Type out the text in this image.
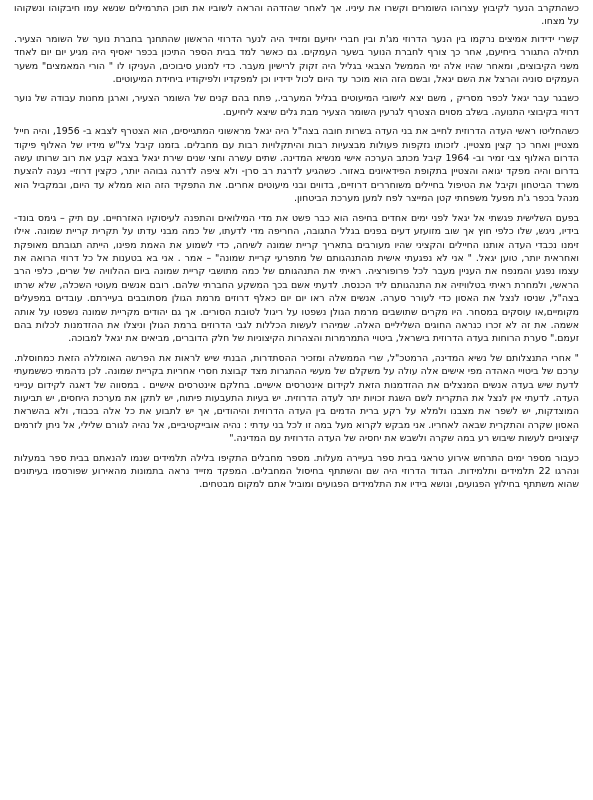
כשהתקרב הנער לקיבוץ עצרוהו השומרים וקשרו את עיניו. אך לאחר שהזדהה והראה לשוביו את תוכן התרמילים שנשא עמו חיבקוהו ונשקוהו על מצחו.

קשרי ידידות אמיצים נרקמו בין הנער הדרוזי מג'ת ובין חברי יחיעם ומזייד היה לנער הדרוזי הראשון שהתחנך בחברת נוער של השומר הצעיר. תחילה התגורר ביחיעם, אחר כך צורף לחברת הנוער בשער העמקים. גם כאשר למד בבית הספר התיכון בכפר יאסיף היה מגיע יום יום לאחד משני הקיבוצים, ומאחר שהיו אלה ימי הממשל הצבאי בגליל היה זקוק לרישיון מעבר. כדי למנוע סיבוכים, העניקו לו " הורי המאמצים" משער העמקים סוניה והרצל את השם יגאל, ובשם הזה הוא מוכר עד היום לכול ידידיו וכן למפקדיו ולפיקודיו ביחידת המיעוטים.

כשבגר עבר יגאל לכפר מסריק , משם יצא לישובי המיעוטים בגליל המערבי., פתח בהם קנים של השומר הצעיר, וארגן מחנות עבודה של נוער דרוזי בקיבוצי התנועה. בשלב מסוים הצטרף לגרעין השומר הצעיר מבת גלים שיצא ליחיעם.

כשהחליטו ראשי העדה הדרוזית לחייב את בני העדה בשרות חובה בצה"ל היה יגאל מראשוני המתגייסים, הוא הצטרף לצבא ב- 1956, והיה חייל מצטיין ואחר כך קצין מצטיין. לזכותו נזקפות פעולות מבצעיות רבות והיתקלויות רבות עם מחבלים. בזמנו קיבל צל"ש מידיו של האלוף פיקוד הדרום האלוף צבי זמיר וב- 1964 קיבל מכתב הערכה אישי מנשיא המדינה. שתים עשרה וחצי שנים שירת יגאל בצבא קבע את רוב שרותו עשה בדרום והיה מפקד יגואה והצטיין בתקופת הפידאיונים באזור. כשהגיע לדרגת רב סרן- ולא ציפה לדרגה גבוהה יותר, כקצין דרוזי- נענה להצעת משרד הביטחון וקיבל את הטיפול בחיילים משוחררים דרוזיים, בדווים ובני מיעוטים אחרים. את התפקיד הזה הוא ממלא עד היום, ובמקביל הוא מנהל בכפר ג'ת מפעל משפחתי קטן המייצר לפח למען מערכת הביטחון.

בפעם השלישית פגשתי אל יגאל לפני ימים אחדים בחיפה הוא כבר פשט את מדי המילואים והתפנה לעיסוקיו האזרחיים. עם תיק – גימס בונד- בידיו, ניגש, שלו כלפי חוץ אך שוב מזועזע דעים בפנים בגלל התגובה, החריפה מדי לדעתו, של כמה מבני עדתו על תקרית קריית שמונה. אילו זימנו נכבדי העדה אותנו החיילים והקציני שהיו מעורבים בתאריך קריית שמונה לשיחה, כדי לשמוע את האמת מפינו, הייתה תגובתם מאופקת ואחראית יותר, טוען יגאל. " אני לא נפגעתי אישית מהתנהגותם של מתפרעי קריית שמונה" – אמר . אני בא בטענות אל כל דרוזי הרואה את עצמו נפגע והמנפח את העניין מעבר לכל פרופורציה. ראיתי את התנהגותם של כמה מתושבי קריית שמונה ביום ההלוויה של שרים, כלפי הרב הראשי, ולמחרת ראיתי בטלוויזיה את התנהגותם ליד הכנסת. לדעתי אשם בכך המשקע החברתי שלהם. רובם אנשים מעוטי השכלה, שלא שרתו בצה"ל, שניסו לנצל את האסון כדי לעורר סערה. אנשים אלה ראו יום יום כאלף דרוזים מרמת הגולן מסתובבים בעיירתם. עובדים במפעלים מקומיים,או עוסקים במסחר. היו מקרים שתושבים מרמת הגולן נשפטו על ריגול לטובת הסורים. אך גם יהודים מקריית שמונה נשפטו על אותה אשמה. את זה לא זכרו כנראה החוגים השליליים האלה. שמיהרו לעשות הכללות לגבי הדרוזים ברמת הגולן וניצלו את ההזדמנות לכלות בהם זעמם." סערת הרוחות בעדה הדרוזית בישראל, ביטויי התמרמרות והצהרות הקיצוניות של חלק הדוברים, מביאים את יגאל למבוכה.

" אחרי התנצלותם של נשיא המדינה, הרמטכ"ל, שרי הממשלה ומזכיר ההסתדרות, הבנתי שיש לראות את הפרשה האומללה הזאת כמחוסלת. ערכם של ביטויי האהדה מפי אישים אלה עולה על משקלם של מעשי ההתגרות מצד קבוצת חסרי אחריות בקריית שמונה. לכן נדהמתי כששמעתי לדעת שיש בעדה אנשים המנצלים את ההזדמנות הזאת לקידום אינטרסים אישיים. בחלקם אינטרסים אישיים . במסווה של דאגה לקידום ענייני העדה. לדעתי אין לנצל את התקרית לשם השגת זכויות יתר לעדה הדרוזית. יש בעיות התעבעות פיתוח, יש לתקן את מערכת היחסים, יש תביעות המוצדקות, יש לשפר את מצבנו ולמלא על רקע ברית הדמים בין העדה הדרוזית והיהודים, אך יש לתבוע את כל אלה בכבוד, ולא בהשראת האסון שקרה והתקרית שבאה לאחריו. אני מבקש לקרוא מעל במה זו לכל בני עדתי : נהיה אובייקטיביים, אל נהיה לגורם שלילי, אל ניתן לזרמים קיצוניים לעשות שיבוש רע במה שקרה ולשבש את יחסיה של העדה הדרוזית עם המדינה."

כעבור מספר ימים התרחש אירוע טראגי בבית ספר בעיירה מעלות. מספר מחבלים התקיפו בלילה תלמידים שנמו להנאתם בבית ספר במעלות ונהרגו 22 תלמידים ותלמידות. הגדוד הדרוזי היה שם והשתתף בחיסול המחבלים. המפקד מזייד נראה בתמונות מהאירוע שפורסמו בעיתונים שהוא משתתף בחילוץ הפגועים, ונושא בידיו את התלמידים הפגועים ומוביל אתם למקום מבטחים.
